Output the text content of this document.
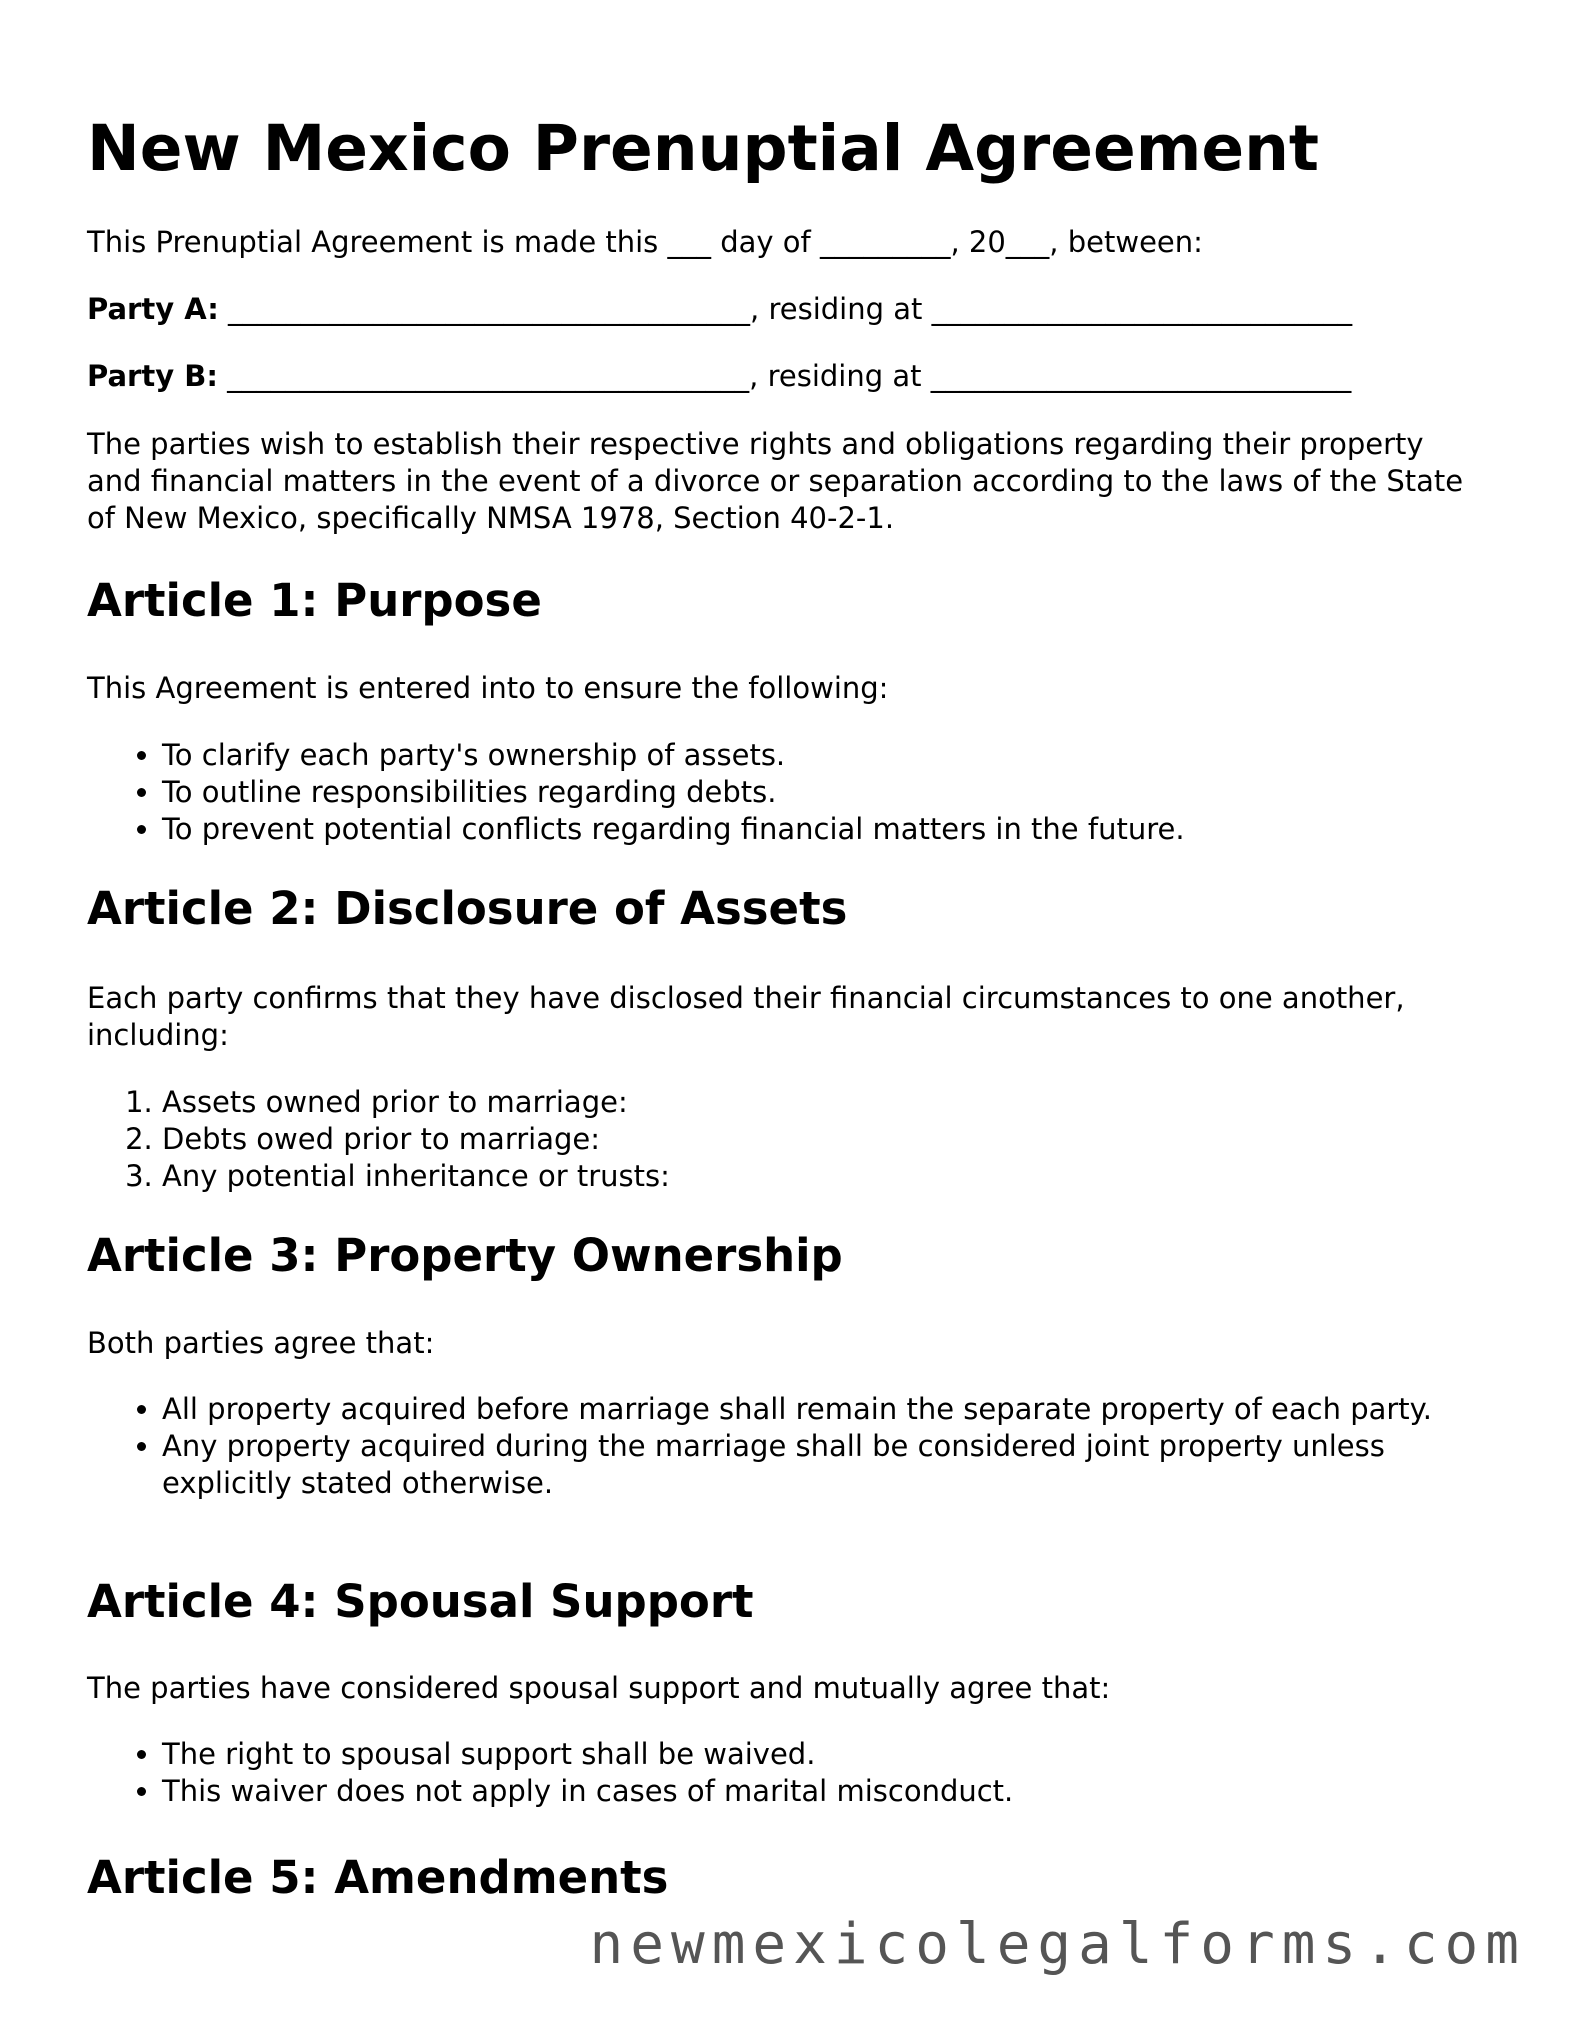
New Mexico Prenuptial Agreement

This Prenuptial Agreement is made this ___ day of _________, 20___, between:

Party A: ____________________________________, residing at _____________________________

Party B: ____________________________________, residing at _____________________________

The parties wish to establish their respective rights and obligations regarding their property and financial matters in the event of a divorce or separation according to the laws of the State of New Mexico, specifically NMSA 1978, Section 40-2-1.

Article 1: Purpose

This Agreement is entered into to ensure the following:

• To clarify each party's ownership of assets.
• To outline responsibilities regarding debts.
• To prevent potential conflicts regarding financial matters in the future.
Article 2: Disclosure of Assets

Each party confirms that they have disclosed their financial circumstances to one another, including:

1. Assets owned prior to marriage:
2. Debts owed prior to marriage:
3. Any potential inheritance or trusts:
Article 3: Property Ownership

Both parties agree that:

• All property acquired before marriage shall remain the separate property of each party.
• Any property acquired during the marriage shall be considered joint property unless explicitly stated otherwise.
Article 4: Spousal Support

The parties have considered spousal support and mutually agree that:

• The right to spousal support shall be waived.
• This waiver does not apply in cases of marital misconduct.
Article 5: Amendments
newmexicolegalforms.com
